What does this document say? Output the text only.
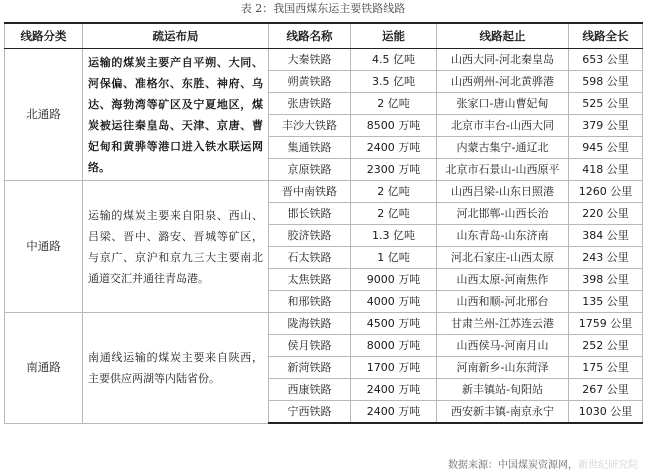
表 2：我国西煤东运主要铁路线路
线路分类	疏运布局	线路名称	运能	线路起止	线路全长
北通路	运输的煤炭主要产自平朔、大同、河保偏、准格尔、东胜、神府、乌达、海勃湾等矿区及宁夏地区，煤炭被运往秦皇岛、天津、京唐、曹妃甸和黄骅等港口进入铁水联运网络。	大秦铁路	4.5 亿吨	山西大同-河北秦皇岛	653 公里
		朔黄铁路	3.5 亿吨	山西朔州-河北黄骅港	598 公里
		张唐铁路	2 亿吨	张家口-唐山曹妃甸	525 公里
		丰沙大铁路	8500 万吨	北京市丰台-山西大同	379 公里
		集通铁路	2400 万吨	内蒙古集宁-通辽北	945 公里
		京原铁路	2300 万吨	北京市石景山-山西原平	418 公里
中通路	运输的煤炭主要来自阳泉、西山、吕梁、晋中、潞安、晋城等矿区，与京广、京沪和京九三大主要南北通道交汇并通往青岛港。	晋中南铁路	2 亿吨	山西吕梁-山东日照港	1260 公里
		邯长铁路	2 亿吨	河北邯郸-山西长治	220 公里
		胶济铁路	1.3 亿吨	山东青岛-山东济南	384 公里
		石太铁路	1 亿吨	河北石家庄-山西太原	243 公里
		太焦铁路	9000 万吨	山西太原-河南焦作	398 公里
		和邢铁路	4000 万吨	山西和顺-河北邢台	135 公里
南通路	南通线运输的煤炭主要来自陕西，主要供应两湖等内陆省份。	陇海铁路	4500 万吨	甘肃兰州-江苏连云港	1759 公里
		侯月铁路	8000 万吨	山西侯马-河南月山	252 公里
		新菏铁路	1700 万吨	河南新乡-山东菏泽	175 公里
		西康铁路	2400 万吨	新丰镇站-旬阳站	267 公里
		宁西铁路	2400 万吨	西安新丰镇-南京永宁	1030 公里
数据来源：中国煤炭资源网，新世纪研究院
